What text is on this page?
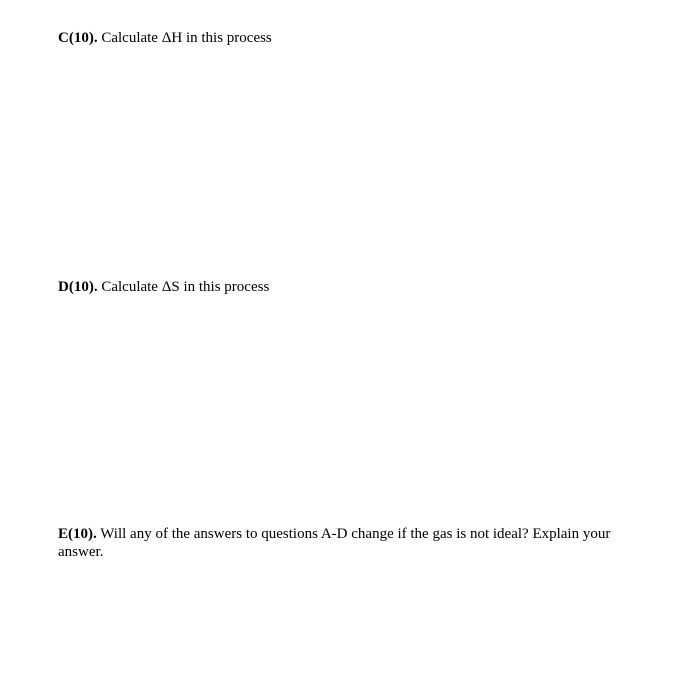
C(10). Calculate ΔH in this process

D(10). Calculate ΔS in this process

E(10). Will any of the answers to questions A-D change if the gas is not ideal? Explain your answer.
